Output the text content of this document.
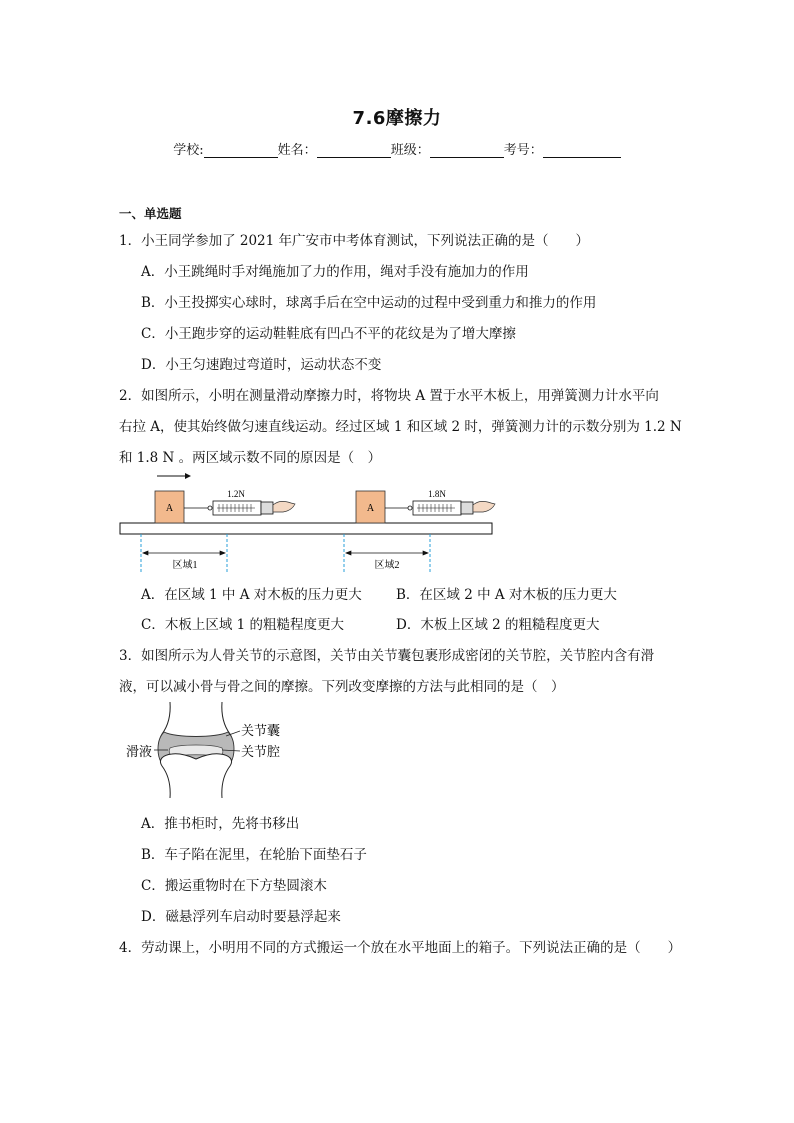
7.6摩擦力
学校:	姓名：	班级：	考号：
一、单选题
1．小王同学参加了 2021 年广安市中考体育测试，下列说法正确的是（　　）
A．小王跳绳时手对绳施加了力的作用，绳对手没有施加力的作用
B．小王投掷实心球时，球离手后在空中运动的过程中受到重力和推力的作用
C．小王跑步穿的运动鞋鞋底有凹凸不平的花纹是为了增大摩擦
D．小王匀速跑过弯道时，运动状态不变
2．如图所示，小明在测量滑动摩擦力时，将物块 A 置于水平木板上，用弹簧测力计水平向
右拉 A，使其始终做匀速直线运动。经过区域 1 和区域 2 时，弹簧测力计的示数分别为 1.2 N
和 1.8 N 。两区域示数不同的原因是（　）
A
1.2N
A
1.8N
区域1	区域2
A．在区域 1 中 A 对木板的压力更大	B．在区域 2 中 A 对木板的压力更大
C．木板上区域 1 的粗糙程度更大	D．木板上区域 2 的粗糙程度更大
3．如图所示为人骨关节的示意图，关节由关节囊包裹形成密闭的关节腔，关节腔内含有滑
液，可以减小骨与骨之间的摩擦。下列改变摩擦的方法与此相同的是（　）
关节囊
关节腔
滑液
A．推书柜时，先将书移出
B．车子陷在泥里，在轮胎下面垫石子
C．搬运重物时在下方垫圆滚木
D．磁悬浮列车启动时要悬浮起来
4．劳动课上，小明用不同的方式搬运一个放在水平地面上的箱子。下列说法正确的是（　　）
